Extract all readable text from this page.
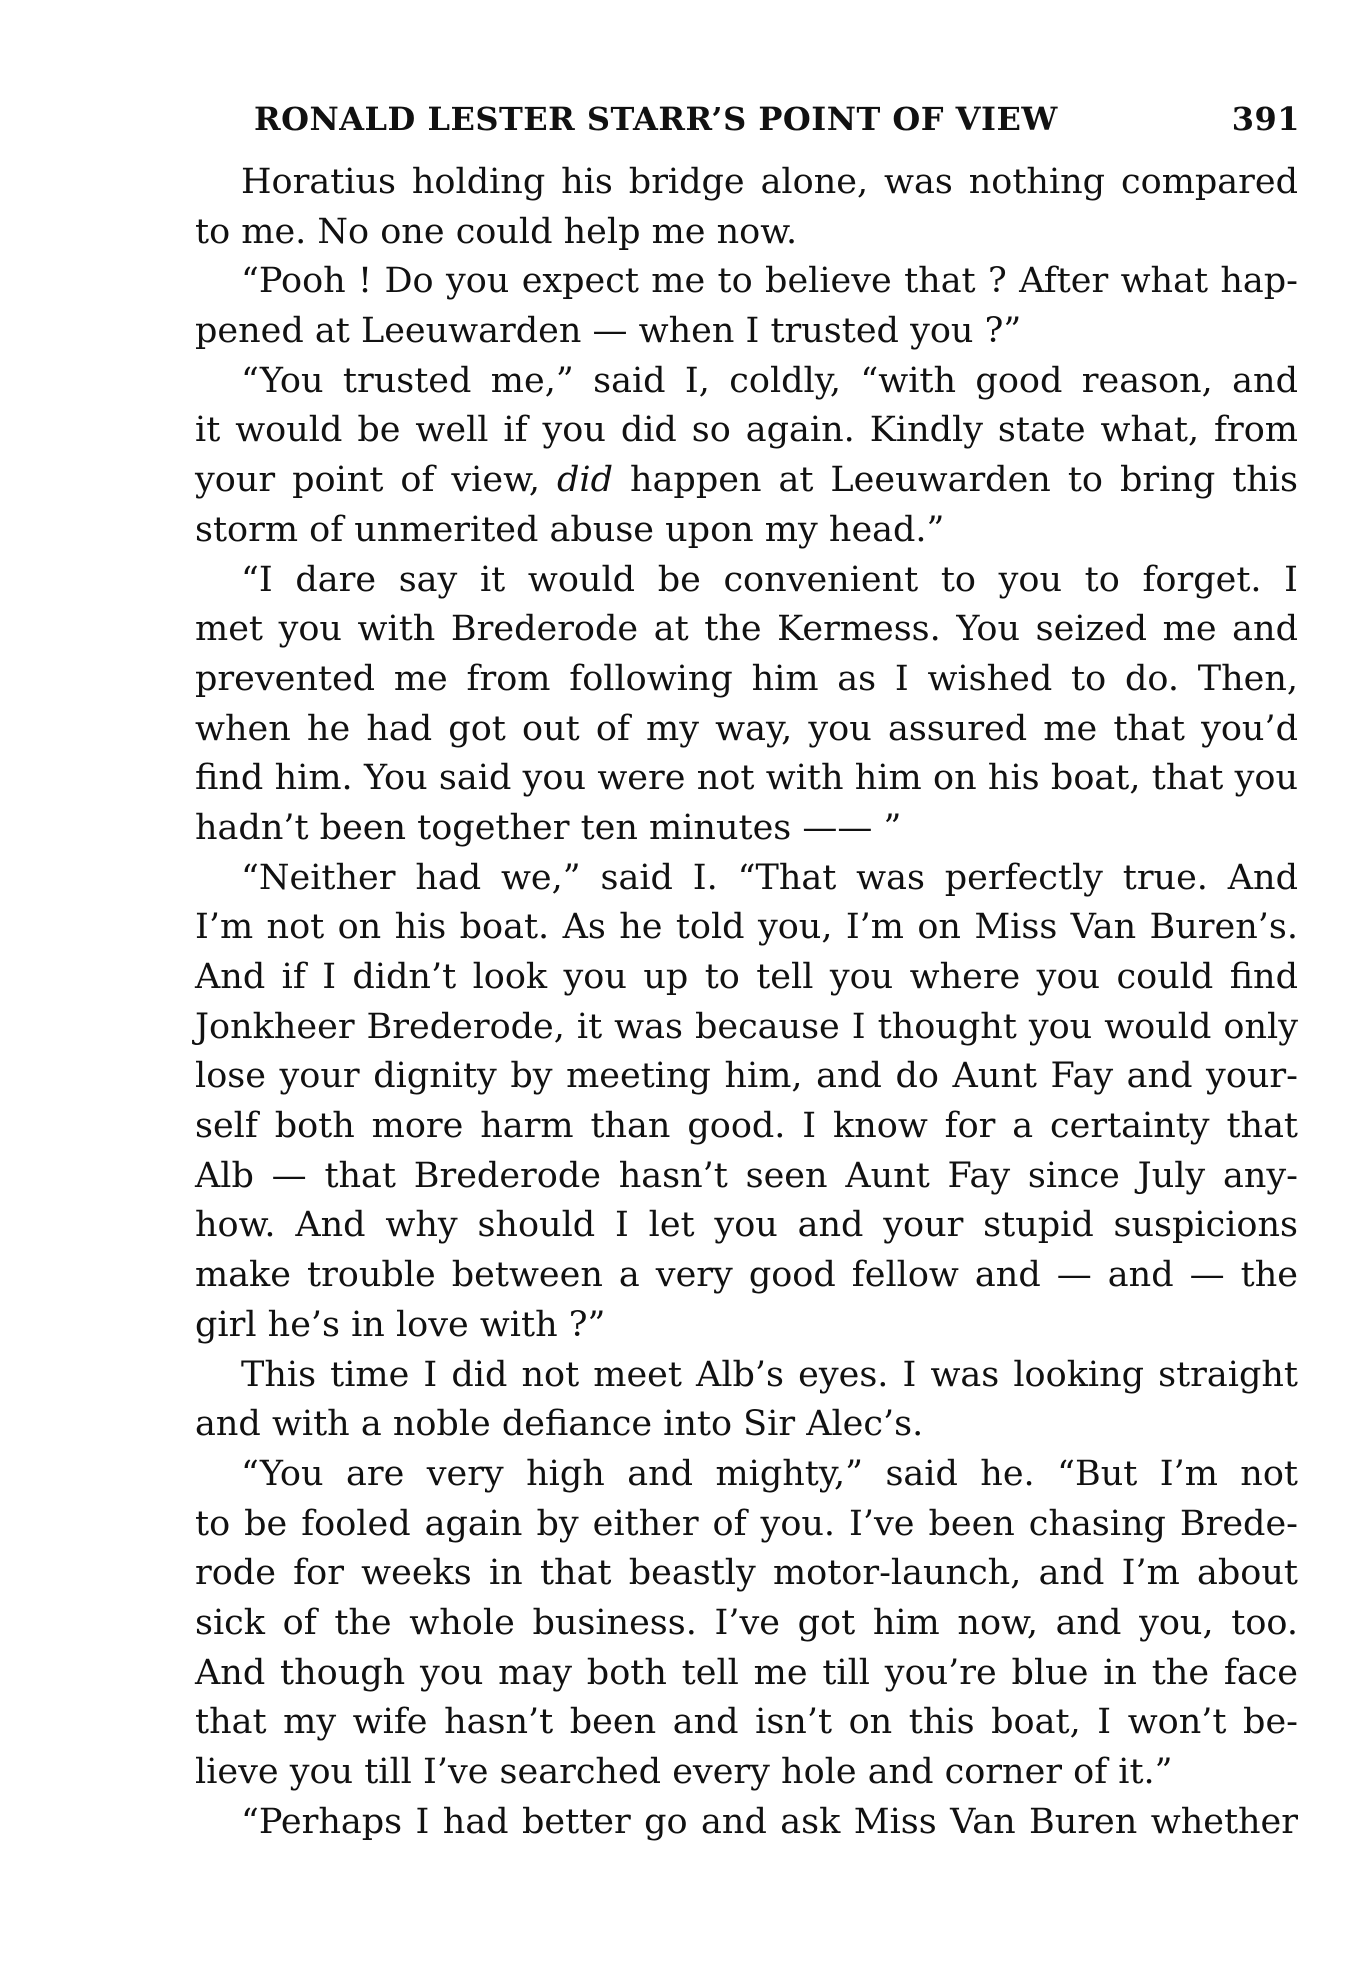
RONALD LESTER STARR’S POINT OF VIEW	391
Horatius holding his bridge alone, was nothing compared
to me. No one could help me now.
“Pooh ! Do you expect me to believe that ? After what hap-
pened at Leeuwarden — when I trusted you ?”
“You trusted me,” said I, coldly, “with good reason, and
it would be well if you did so again. Kindly state what, from
your point of view, did happen at Leeuwarden to bring this
storm of unmerited abuse upon my head.”
“I dare say it would be convenient to you to forget. I
met you with Brederode at the Kermess. You seized me and
prevented me from following him as I wished to do. Then,
when he had got out of my way, you assured me that you’d
find him. You said you were not with him on his boat, that you
hadn’t been together ten minutes —— ”
“Neither had we,” said I. “That was perfectly true. And
I’m not on his boat. As he told you, I’m on Miss Van Buren’s.
And if I didn’t look you up to tell you where you could find
Jonkheer Brederode, it was because I thought you would only
lose your dignity by meeting him, and do Aunt Fay and your-
self both more harm than good. I know for a certainty that
Alb — that Brederode hasn’t seen Aunt Fay since July any-
how. And why should I let you and your stupid suspicions
make trouble between a very good fellow and — and — the
girl he’s in love with ?”
This time I did not meet Alb’s eyes. I was looking straight
and with a noble defiance into Sir Alec’s.
“You are very high and mighty,” said he. “But I’m not
to be fooled again by either of you. I’ve been chasing Brede-
rode for weeks in that beastly motor-launch, and I’m about
sick of the whole business. I’ve got him now, and you, too.
And though you may both tell me till you’re blue in the face
that my wife hasn’t been and isn’t on this boat, I won’t be-
lieve you till I’ve searched every hole and corner of it.”
“Perhaps I had better go and ask Miss Van Buren whether
